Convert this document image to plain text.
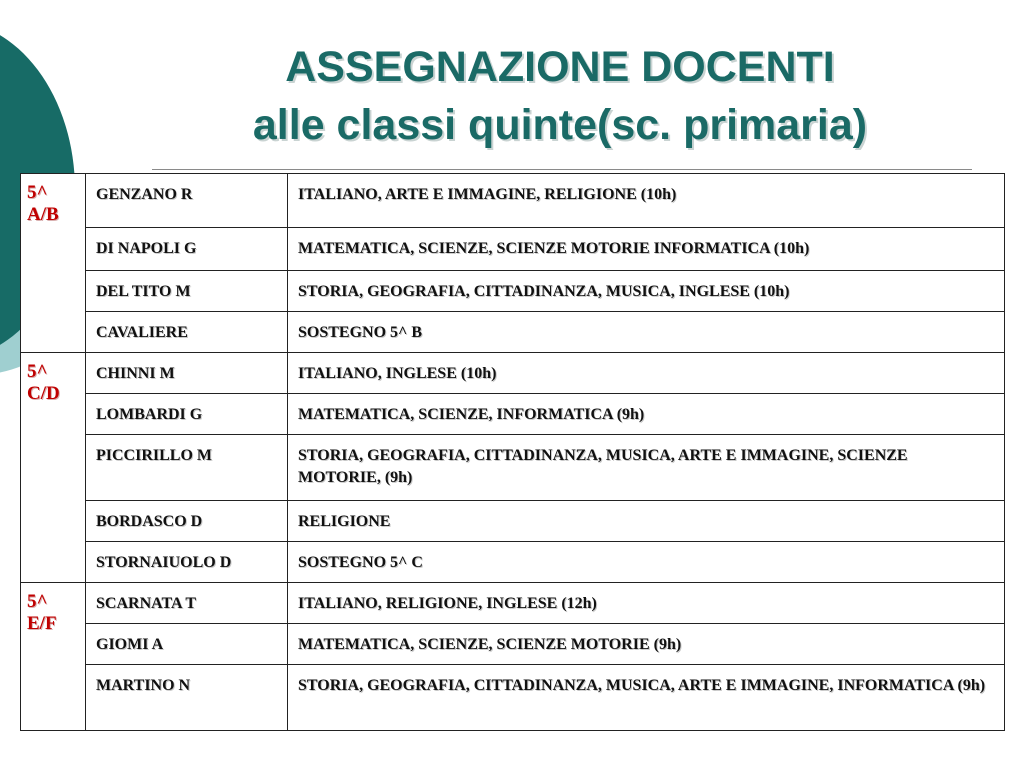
ASSEGNAZIONE DOCENTI
alle classi quinte(sc. primaria)
5^
A/B	GENZANO R	ITALIANO, ARTE E IMMAGINE, RELIGIONE (10h)
	DI NAPOLI G	MATEMATICA, SCIENZE, SCIENZE MOTORIE INFORMATICA (10h)
	DEL TITO M	STORIA, GEOGRAFIA, CITTADINANZA, MUSICA, INGLESE (10h)
	CAVALIERE	SOSTEGNO 5^ B

5^
C/D	CHINNI M	ITALIANO, INGLESE (10h)
	LOMBARDI G	MATEMATICA, SCIENZE, INFORMATICA (9h)
	PICCIRILLO M	STORIA, GEOGRAFIA, CITTADINANZA, MUSICA, ARTE E IMMAGINE, SCIENZE MOTORIE, (9h)
	BORDASCO D	RELIGIONE
	STORNAIUOLO D	SOSTEGNO 5^ C

5^
E/F	SCARNATA T	ITALIANO, RELIGIONE, INGLESE (12h)
	GIOMI A	MATEMATICA, SCIENZE, SCIENZE MOTORIE (9h)
	MARTINO N	STORIA, GEOGRAFIA, CITTADINANZA, MUSICA, ARTE E IMMAGINE, INFORMATICA (9h)
